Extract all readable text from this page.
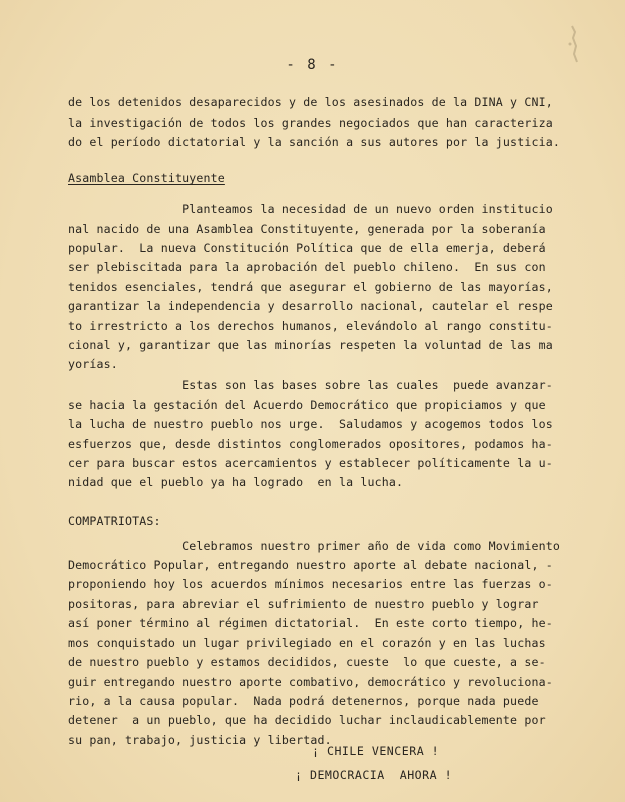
- 8 -
de los detenidos desaparecidos y de los asesinados de la DINA y CNI,
la investigación de todos los grandes negociados que han caracteriza
do el período dictatorial y la sanción a sus autores por la justicia.
Asamblea Constituyente
Planteamos la necesidad de un nuevo orden institucio
nal nacido de una Asamblea Constituyente, generada por la soberanía
popular.  La nueva Constitución Política que de ella emerja, deberá
ser plebiscitada para la aprobación del pueblo chileno.  En sus con
tenidos esenciales, tendrá que asegurar el gobierno de las mayorías,
garantizar la independencia y desarrollo nacional, cautelar el respe
to irrestricto a los derechos humanos, elevándolo al rango constitu-
cional y, garantizar que las minorías respeten la voluntad de las ma
yorías.
Estas son las bases sobre las cuales  puede avanzar-
se hacia la gestación del Acuerdo Democrático que propiciamos y que
la lucha de nuestro pueblo nos urge.  Saludamos y acogemos todos los
esfuerzos que, desde distintos conglomerados opositores, podamos ha-
cer para buscar estos acercamientos y establecer políticamente la u-
nidad que el pueblo ya ha logrado  en la lucha.
COMPATRIOTAS:
Celebramos nuestro primer año de vida como Movimiento
Democrático Popular, entregando nuestro aporte al debate nacional, -
proponiendo hoy los acuerdos mínimos necesarios entre las fuerzas o-
positoras, para abreviar el sufrimiento de nuestro pueblo y lograr
así poner término al régimen dictatorial.  En este corto tiempo, he-
mos conquistado un lugar privilegiado en el corazón y en las luchas
de nuestro pueblo y estamos decididos, cueste  lo que cueste, a se-
guir entregando nuestro aporte combativo, democrático y revoluciona-
rio, a la causa popular.  Nada podrá detenernos, porque nada puede
detener  a un pueblo, que ha decidido luchar inclaudicablemente por
su pan, trabajo, justicia y libertad.
¡ CHILE VENCERA !
¡ DEMOCRACIA  AHORA !
